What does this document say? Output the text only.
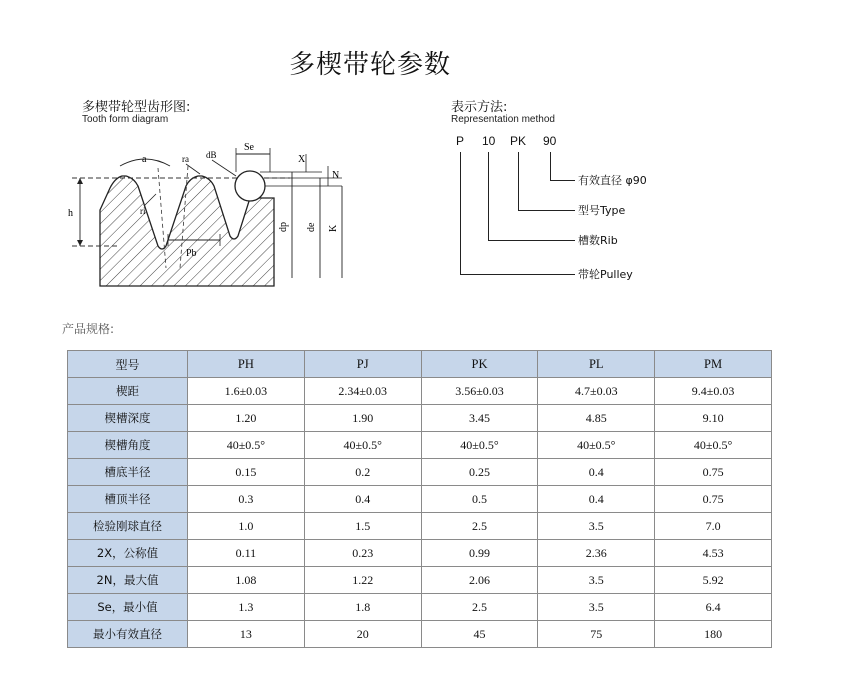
多楔带轮参数
多楔带轮型齿形图:
Tooth form diagram
a
h	ri
ra dB
Se
X
N
Pb
dp de K
表示方法:
Representation method
P 10 PK 90
有效直径 φ90
型号Type
槽数Rib
带轮Pulley
产品规格:
型号	PH	PJ	PK	PL	PM
楔距	1.6±0.03	2.34±0.03	3.56±0.03	4.7±0.03	9.4±0.03
楔槽深度	1.20	1.90	3.45	4.85	9.10
楔槽角度	40±0.5°	40±0.5°	40±0.5°	40±0.5°	40±0.5°
槽底半径	0.15	0.2	0.25	0.4	0.75
槽顶半径	0.3	0.4	0.5	0.4	0.75
检验刚球直径	1.0	1.5	2.5	3.5	7.0
2X，公称值	0.11	0.23	0.99	2.36	4.53
2N，最大值	1.08	1.22	2.06	3.5	5.92
Se，最小值	1.3	1.8	2.5	3.5	6.4
最小有效直径	13	20	45	75	180
